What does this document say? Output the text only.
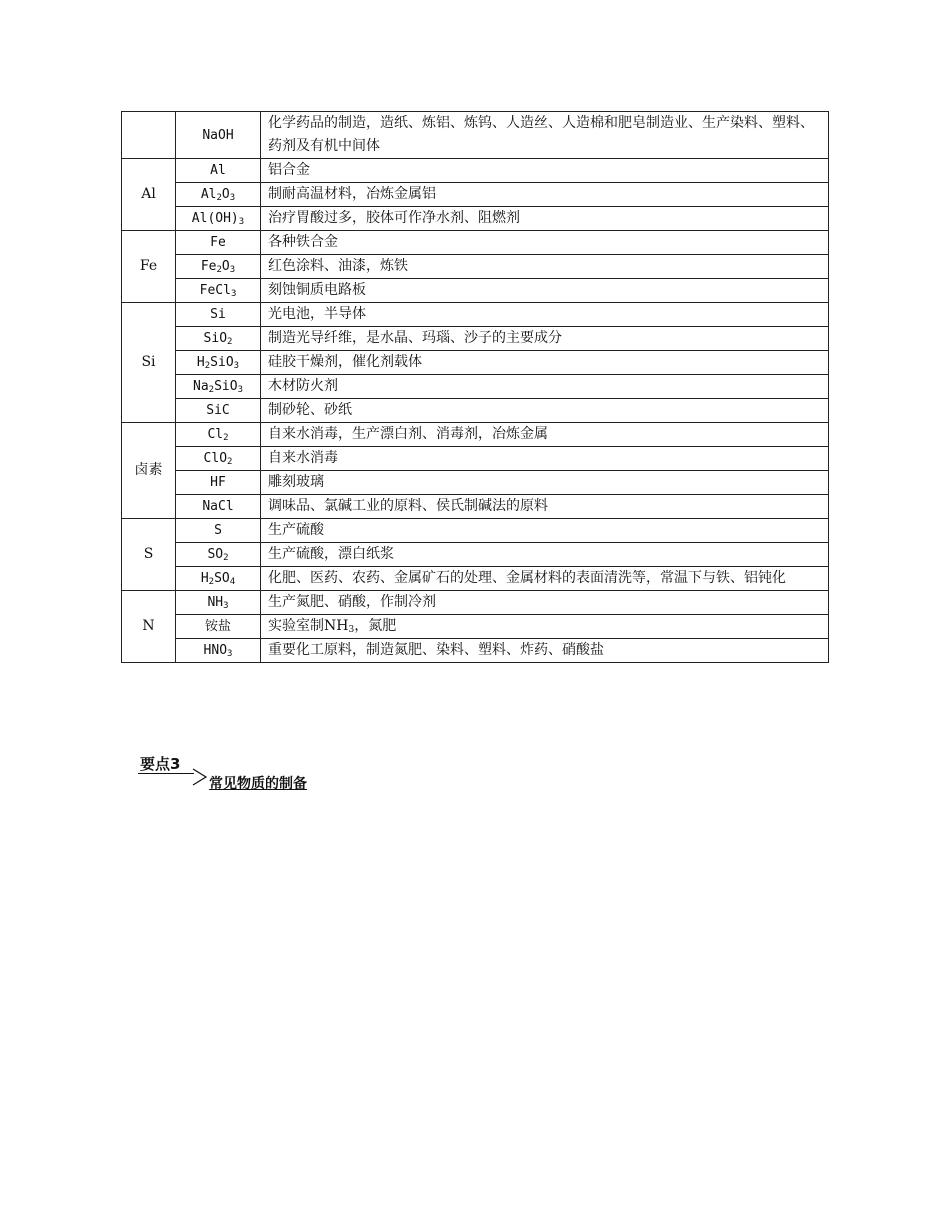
	NaOH	化学药品的制造，造纸、炼铝、炼钨、人造丝、人造棉和肥皂制造业、生产染料、塑料、药剂及有机中间体
Al	Al	铝合金
	$Al_2O_3$	制耐高温材料，冶炼金属铝
	$Al(OH)_3$	治疗胃酸过多，胶体可作净水剂、阻燃剂
Fe	Fe	各种铁合金
	$Fe_2O_3$	红色涂料、油漆，炼铁
	FeCl$_3$	刻蚀铜质电路板
Si	Si	光电池，半导体
	SiO$_2$	制造光导纤维，是水晶、玛瑙、沙子的主要成分
	$H_2SiO_3$	硅胶干燥剂，催化剂载体
	$Na_2SiO_3$	木材防火剂
	SiC	制砂轮、砂纸
卤素	$Cl_2$	自来水消毒，生产漂白剂、消毒剂，冶炼金属
	ClO$_2$	自来水消毒
	HF	雕刻玻璃
	NaCl	调味品、氯碱工业的原料、侯氏制碱法的原料
S	S	生产硫酸
	$SO_2$	生产硫酸，漂白纸浆
	$H_2SO_4$	化肥、医药、农药、金属矿石的处理、金属材料的表面清洗等，常温下与铁、铝钝化
N	$NH_3$	生产氮肥、硝酸，作制冷剂
	铵盐	实验室制$NH_3$，氮肥
	$HNO_3$	重要化工原料，制造氮肥、染料、塑料、炸药、硝酸盐
要点3
常见物质的制备
